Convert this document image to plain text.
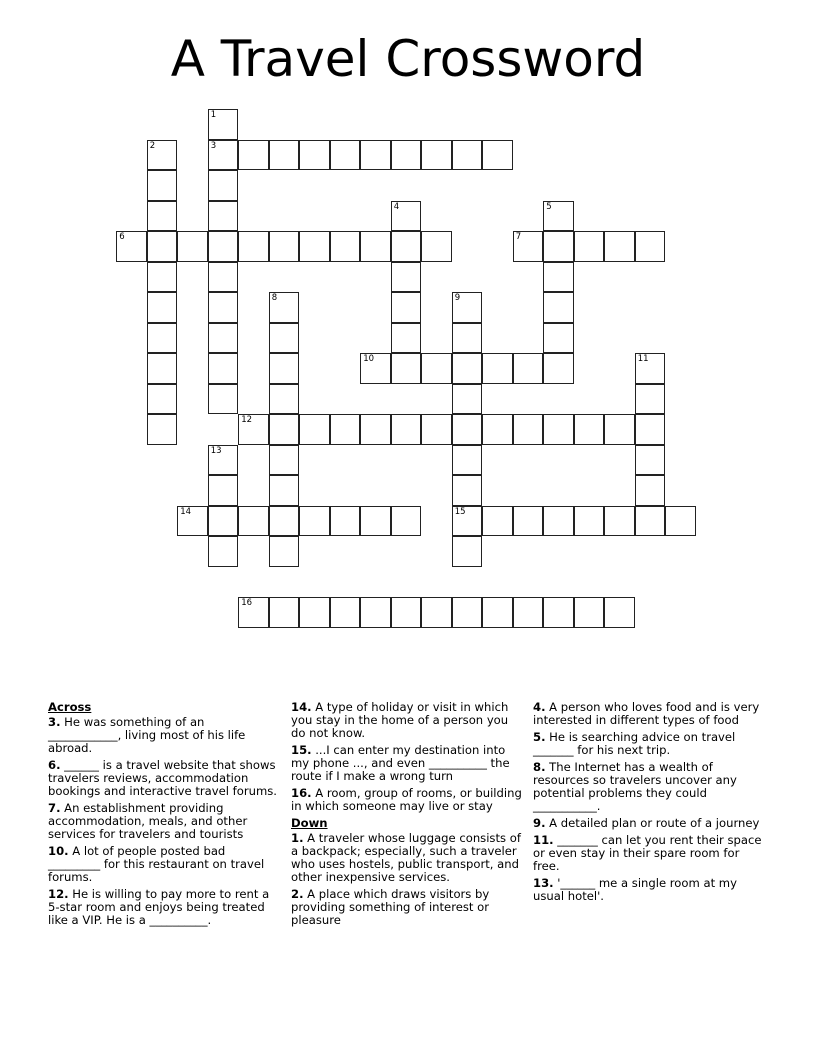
A Travel Crossword
1
3
2
4	5
6	7
8	9
15
10	11
12
13
14
16
Across
3. He was something of an ____________, living most of his life abroad.
6. ______ is a travel website that shows travelers reviews, accommodation bookings and interactive travel forums.
7. An establishment providing accommodation, meals, and other services for travelers and tourists
10. A lot of people posted bad _________ for this restaurant on travel forums.
12. He is willing to pay more to rent a 5-star room and enjoys being treated like a VIP. He is a __________.
14. A type of holiday or visit in which you stay in the home of a person you do not know.
15. ...I can enter my destination into my phone ..., and even __________ the route if I make a wrong turn
16. A room, group of rooms, or building in which someone may live or stay
Down
1. A traveler whose luggage consists of a backpack; especially, such a traveler who uses hostels, public transport, and other inexpensive services.
2. A place which draws visitors by providing something of interest or pleasure
4. A person who loves food and is very interested in different types of food
5. He is searching advice on travel _______ for his next trip.
8. The Internet has a wealth of resources so travelers uncover any potential problems they could ___________.
9. A detailed plan or route of a journey
11. _______ can let you rent their space or even stay in their spare room for free.
13. '______ me a single room at my usual hotel'.
